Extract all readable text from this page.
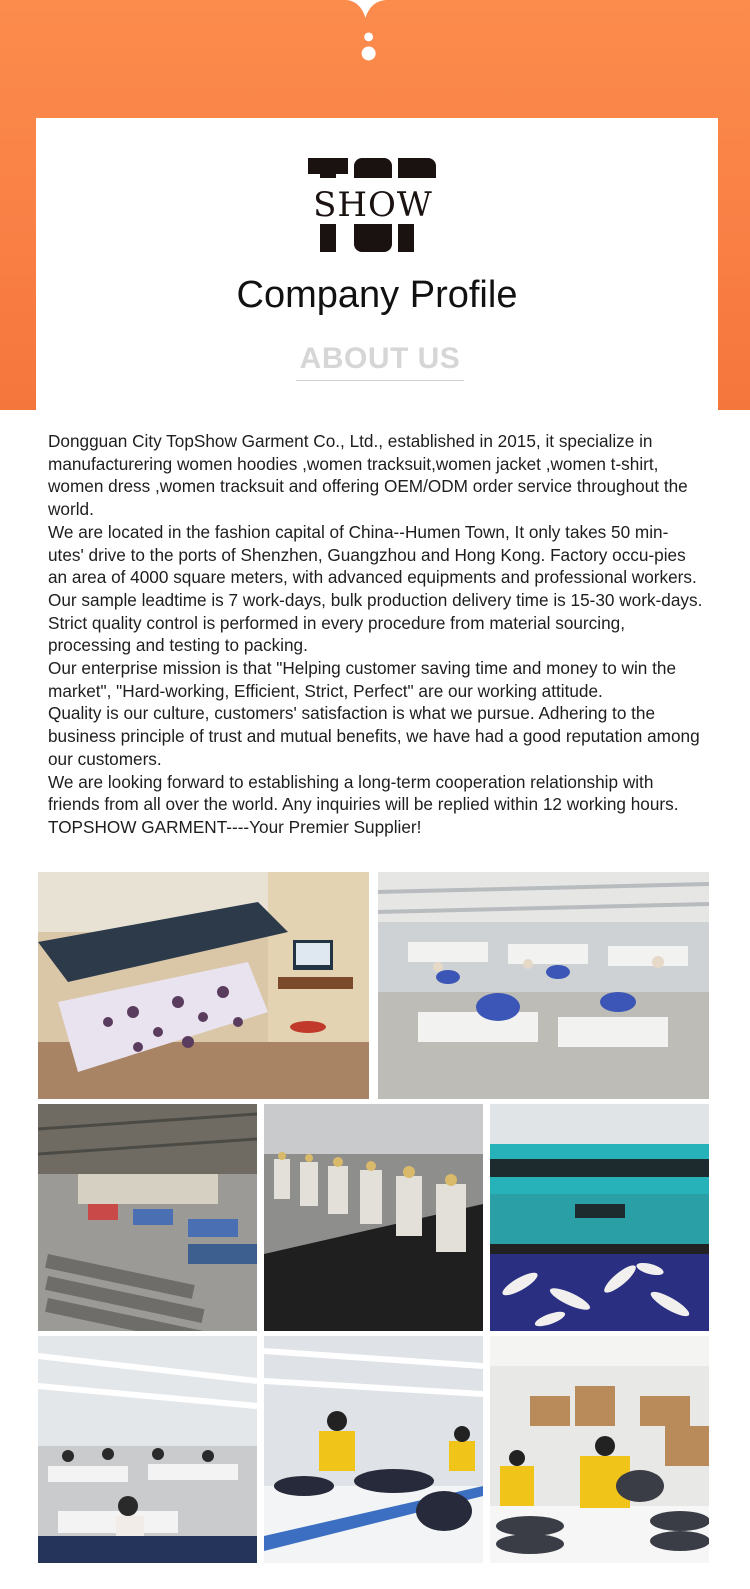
SHOW
Company Profile
ABOUT US

Dongguan City TopShow Garment Co., Ltd., established in 2015, it specialize in manufacturering women hoodies ,women tracksuit,women jacket ,women t-shirt, women dress ,women tracksuit and offering OEM/ODM order service throughout the world.

We are located in the fashion capital of China--Humen Town, It only takes 50 min-utes' drive to the ports of Shenzhen, Guangzhou and Hong Kong. Factory occu-pies an area of 4000 square meters, with advanced equipments and professional workers.

Our sample leadtime is 7 work-days, bulk production delivery time is 15-30 work-days. Strict quality control is performed in every procedure from material sourcing, processing and testing to packing.

Our enterprise mission is that "Helping customer saving time and money to win the market", "Hard-working, Efficient, Strict, Perfect" are our working attitude.

Quality is our culture, customers' satisfaction is what we pursue. Adhering to the business principle of trust and mutual benefits, we have had a good reputation among our customers.

We are looking forward to establishing a long-term cooperation relationship with friends from all over the world. Any inquiries will be replied within 12 working hours. TOPSHOW GARMENT----Your Premier Supplier!
